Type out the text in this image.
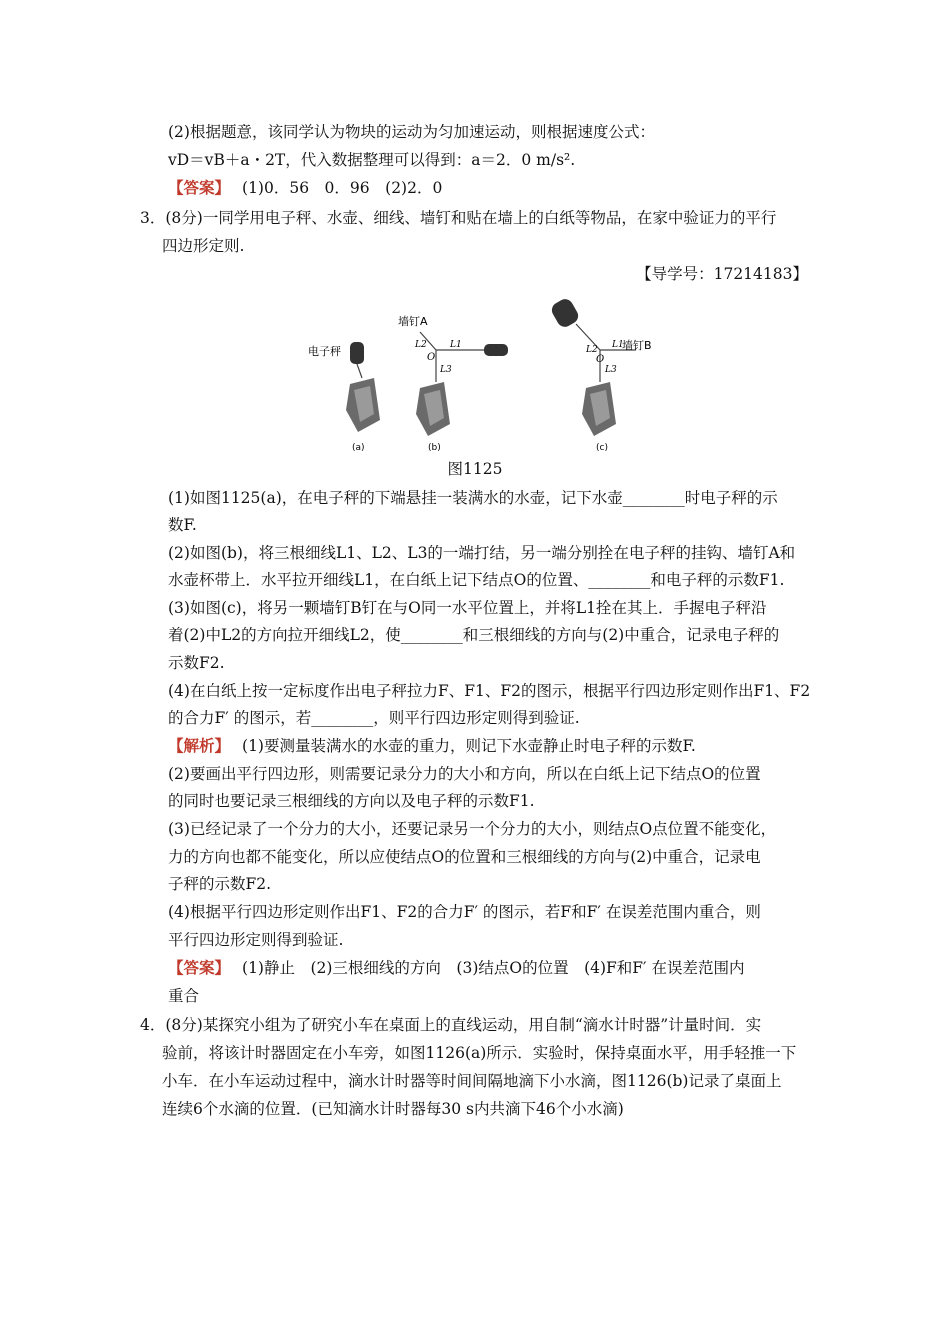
(2)根据题意，该同学认为物块的运动为匀加速运动，则根据速度公式：
vD＝vB＋a・2T，代入数据整理可以得到：a＝2．0 m/s².
【答案】 (1)0．56　0．96　(2)2．0
3．(8分)一同学用电子秤、水壶、细线、墙钉和贴在墙上的白纸等物品，在家中验证力的平行
四边形定则.
【导学号：17214183】
电子秤
(a)
墙钉A
L2	L1
O
L3
(b)
L2 L1
O
L3
墙钉B
(c)
图1125
(1)如图1125(a)，在电子秤的下端悬挂一装满水的水壶，记下水壶________时电子秤的示
数F.
(2)如图(b)，将三根细线L1、L2、L3的一端打结，另一端分别拴在电子秤的挂钩、墙钉A和
水壶杯带上．水平拉开细线L1，在白纸上记下结点O的位置、________和电子秤的示数F1.
(3)如图(c)，将另一颗墙钉B钉在与O同一水平位置上，并将L1拴在其上．手握电子秤沿
着(2)中L2的方向拉开细线L2，使________和三根细线的方向与(2)中重合，记录电子秤的
示数F2.
(4)在白纸上按一定标度作出电子秤拉力F、F1、F2的图示，根据平行四边形定则作出F1、F2
的合力F′ 的图示，若________，则平行四边形定则得到验证.
【解析】 (1)要测量装满水的水壶的重力，则记下水壶静止时电子秤的示数F.
(2)要画出平行四边形，则需要记录分力的大小和方向，所以在白纸上记下结点O的位置
的同时也要记录三根细线的方向以及电子秤的示数F1.
(3)已经记录了一个分力的大小，还要记录另一个分力的大小，则结点O点位置不能变化，
力的方向也都不能变化，所以应使结点O的位置和三根细线的方向与(2)中重合，记录电
子秤的示数F2.
(4)根据平行四边形定则作出F1、F2的合力F′ 的图示，若F和F′ 在误差范围内重合，则
平行四边形定则得到验证.
【答案】 (1)静止　(2)三根细线的方向　(3)结点O的位置　(4)F和F′ 在误差范围内
重合
4．(8分)某探究小组为了研究小车在桌面上的直线运动，用自制“滴水计时器”计量时间．实
验前，将该计时器固定在小车旁，如图1126(a)所示．实验时，保持桌面水平，用手轻推一下
小车．在小车运动过程中，滴水计时器等时间间隔地滴下小水滴，图1126(b)记录了桌面上
连续6个水滴的位置．(已知滴水计时器每30 s内共滴下46个小水滴)
